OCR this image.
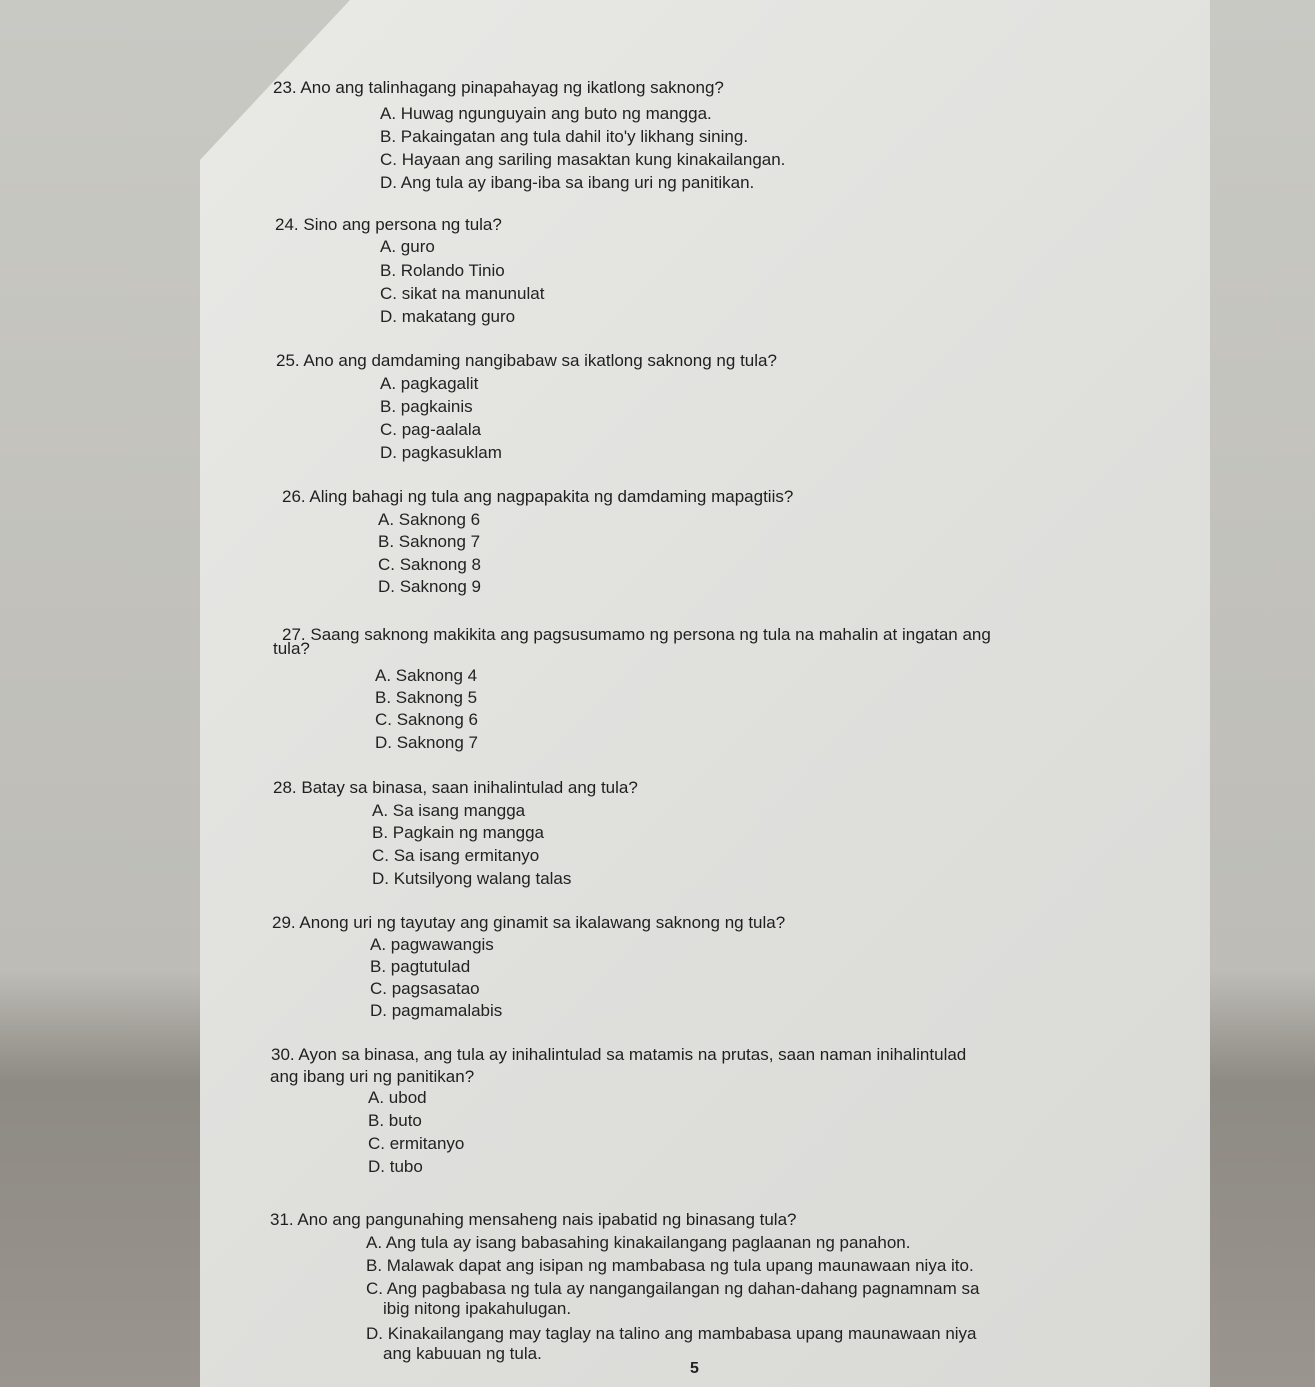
23. Ano ang talinhagang pinapahayag ng ikatlong saknong?
A. Huwag ngunguyain ang buto ng mangga.
B. Pakaingatan ang tula dahil ito'y likhang sining.
C. Hayaan ang sariling masaktan kung kinakailangan.
D. Ang tula ay ibang-iba sa ibang uri ng panitikan.
24. Sino ang persona ng tula?
A. guro
B. Rolando Tinio
C. sikat na manunulat
D. makatang guro
25. Ano ang damdaming nangibabaw sa ikatlong saknong ng tula?
A. pagkagalit
B. pagkainis
C. pag-aalala
D. pagkasuklam
26. Aling bahagi ng tula ang nagpapakita ng damdaming mapagtiis?
A. Saknong 6
B. Saknong 7
C. Saknong 8
D. Saknong 9
27. Saang saknong makikita ang pagsusumamo ng persona ng tula na mahalin at ingatan ang
tula?
A. Saknong 4
B. Saknong 5
C. Saknong 6
D. Saknong 7
28. Batay sa binasa, saan inihalintulad ang tula?
A. Sa isang mangga
B. Pagkain ng mangga
C. Sa isang ermitanyo
D. Kutsilyong walang talas
29. Anong uri ng tayutay ang ginamit sa ikalawang saknong ng tula?
A. pagwawangis
B. pagtutulad
C. pagsasatao
D. pagmamalabis
30. Ayon sa binasa, ang tula ay inihalintulad sa matamis na prutas, saan naman inihalintulad
ang ibang uri ng panitikan?
A. ubod
B. buto
C. ermitanyo
D. tubo
31. Ano ang pangunahing mensaheng nais ipabatid ng binasang tula?
A. Ang tula ay isang babasahing kinakailangang paglaanan ng panahon.
B. Malawak dapat ang isipan ng mambabasa ng tula upang maunawaan niya ito.
C. Ang pagbabasa ng tula ay nangangailangan ng dahan-dahang pagnamnam sa
ibig nitong ipakahulugan.
D. Kinakailangang may taglay na talino ang mambabasa upang maunawaan niya
ang kabuuan ng tula.
5
